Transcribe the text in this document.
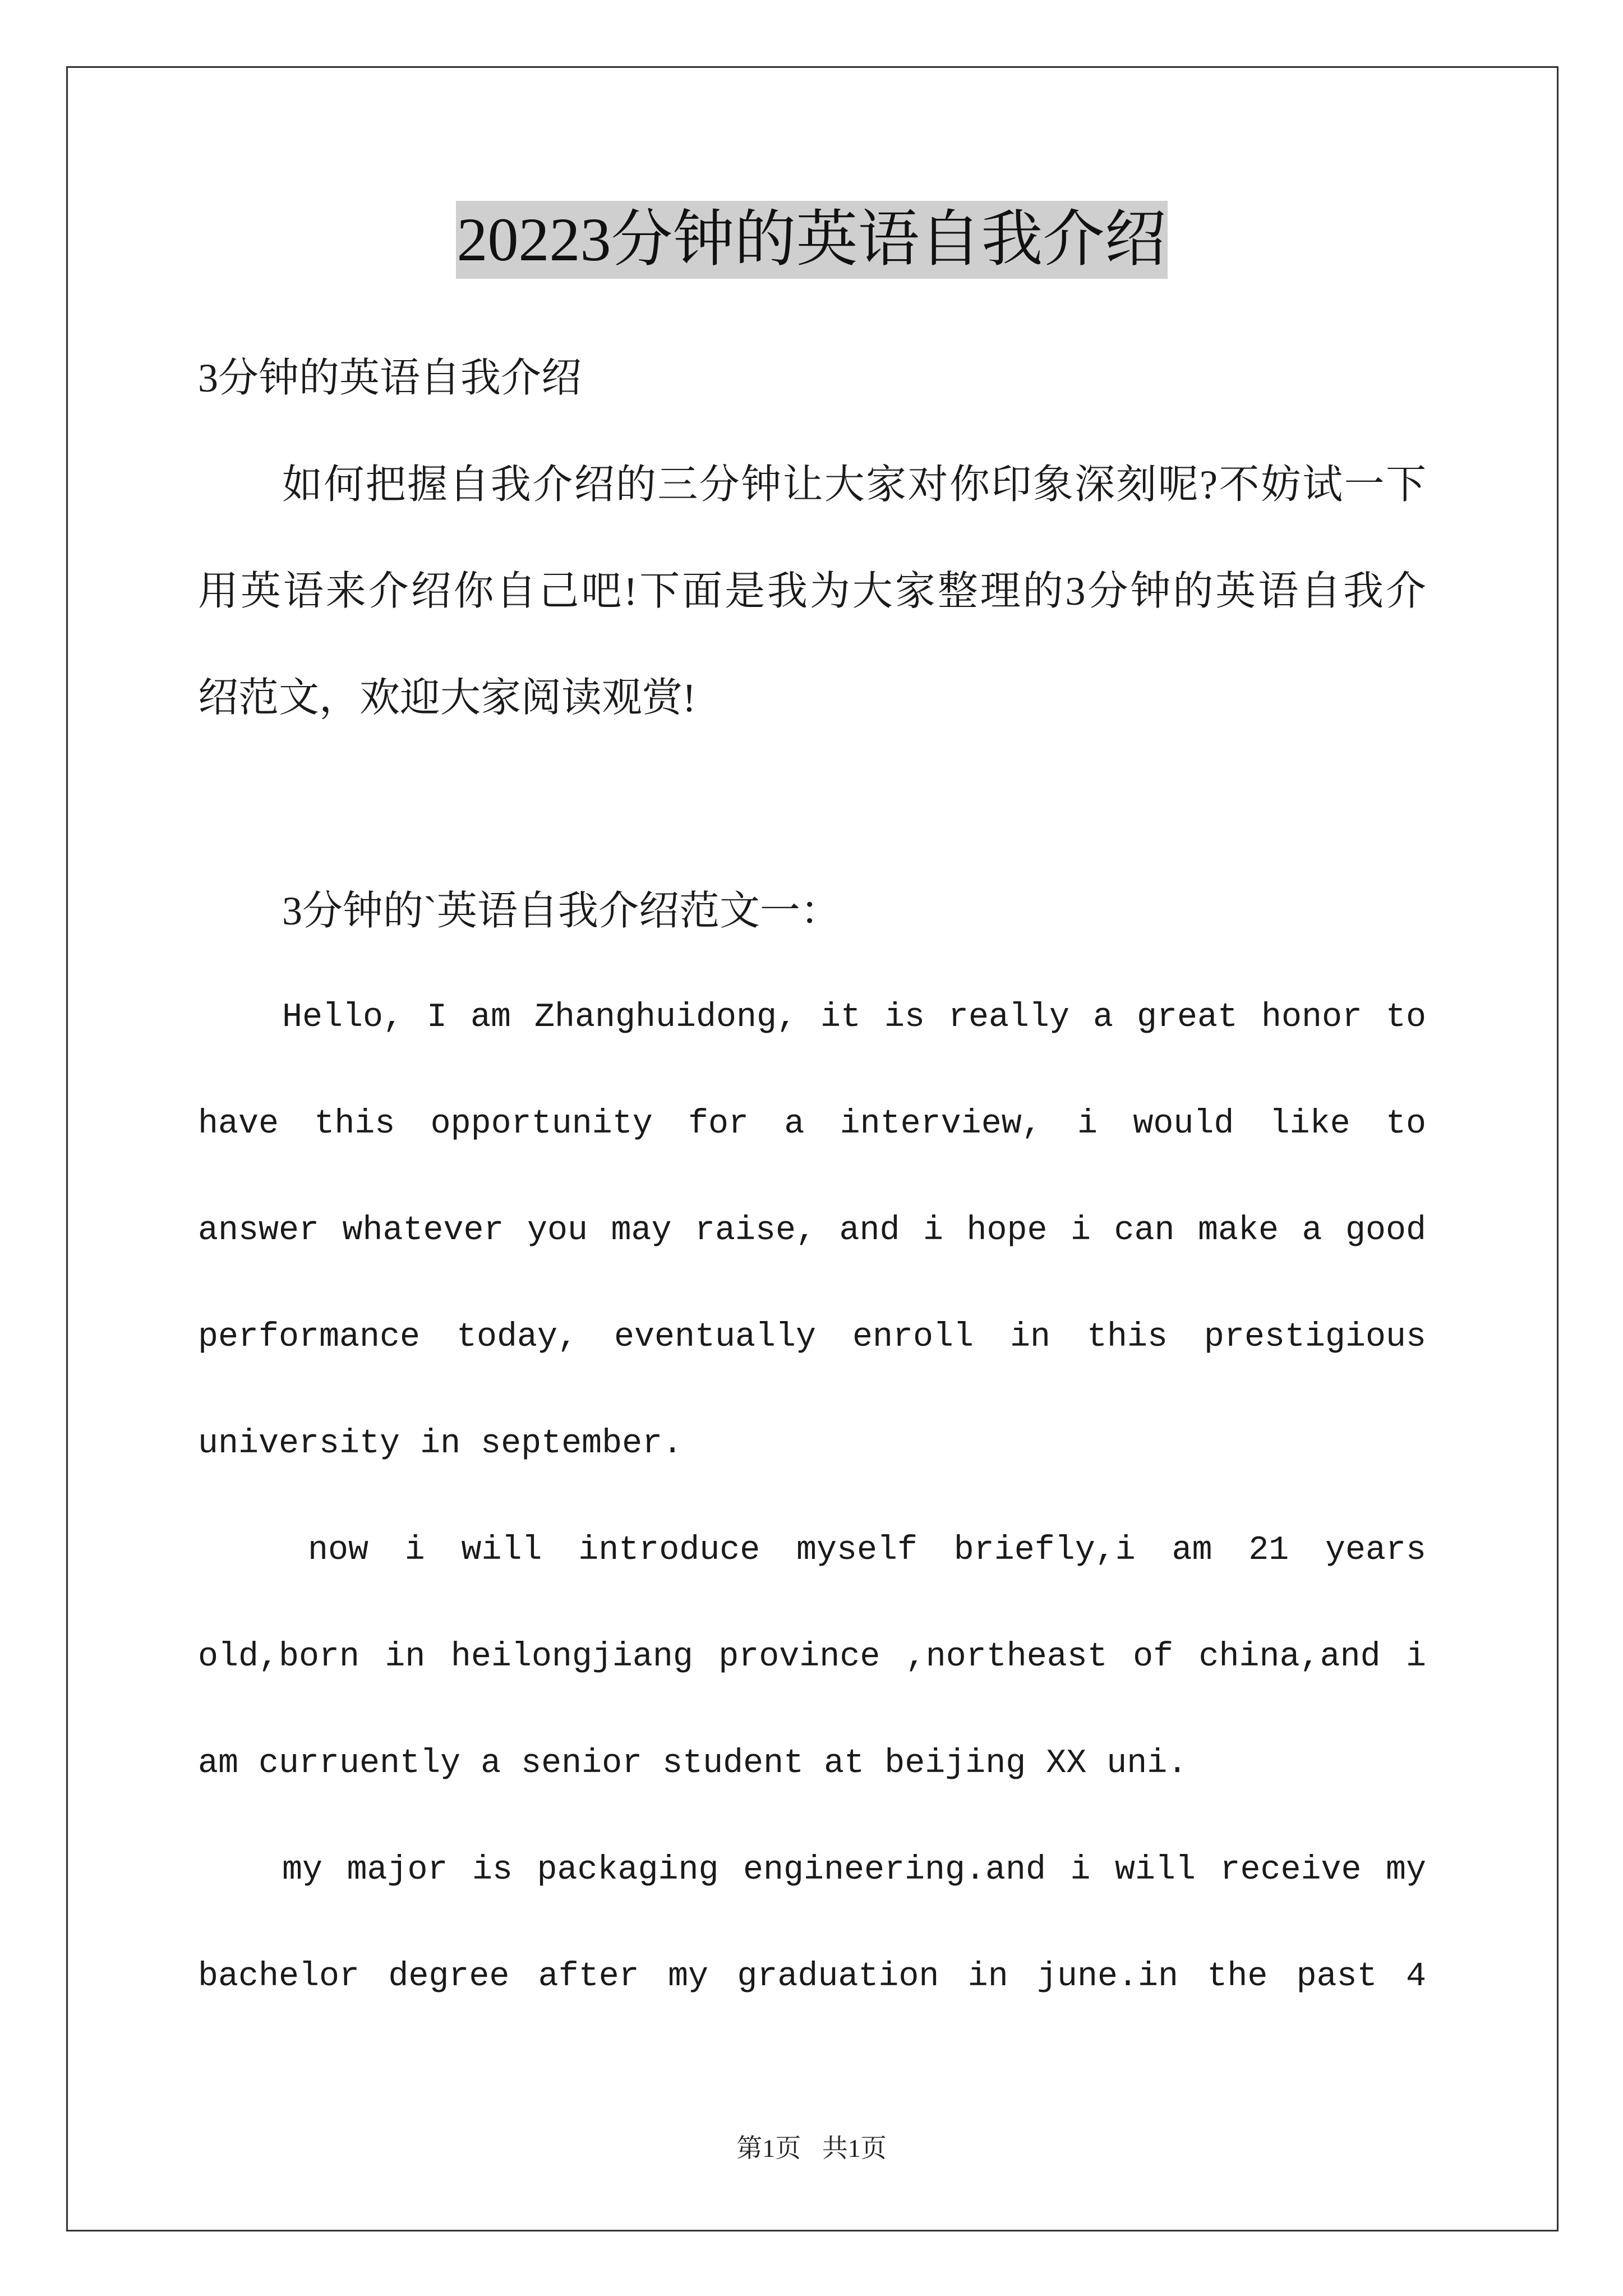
20223分钟的英语自我介绍
3分钟的英语自我介绍
如何把握自我介绍的三分钟让大家对你印象深刻呢?不妨试一下
用英语来介绍你自己吧!下面是我为大家整理的3分钟的英语自我介
绍范文，欢迎大家阅读观赏!
3分钟的`英语自我介绍范文一：
Hello, I am Zhanghuidong, it is really a great honor to
have this opportunity for a interview, i would like to
answer whatever you may raise, and i hope i can make a good
performance today, eventually enroll in this prestigious
university in september.
now i will introduce myself briefly,i am 21 years
old,born in heilongjiang province ,northeast of china,and i
am curruently a senior student at beijing XX uni.
my major is packaging engineering.and i will receive my
bachelor degree after my graduation in june.in the past 4
第1页 共1页
